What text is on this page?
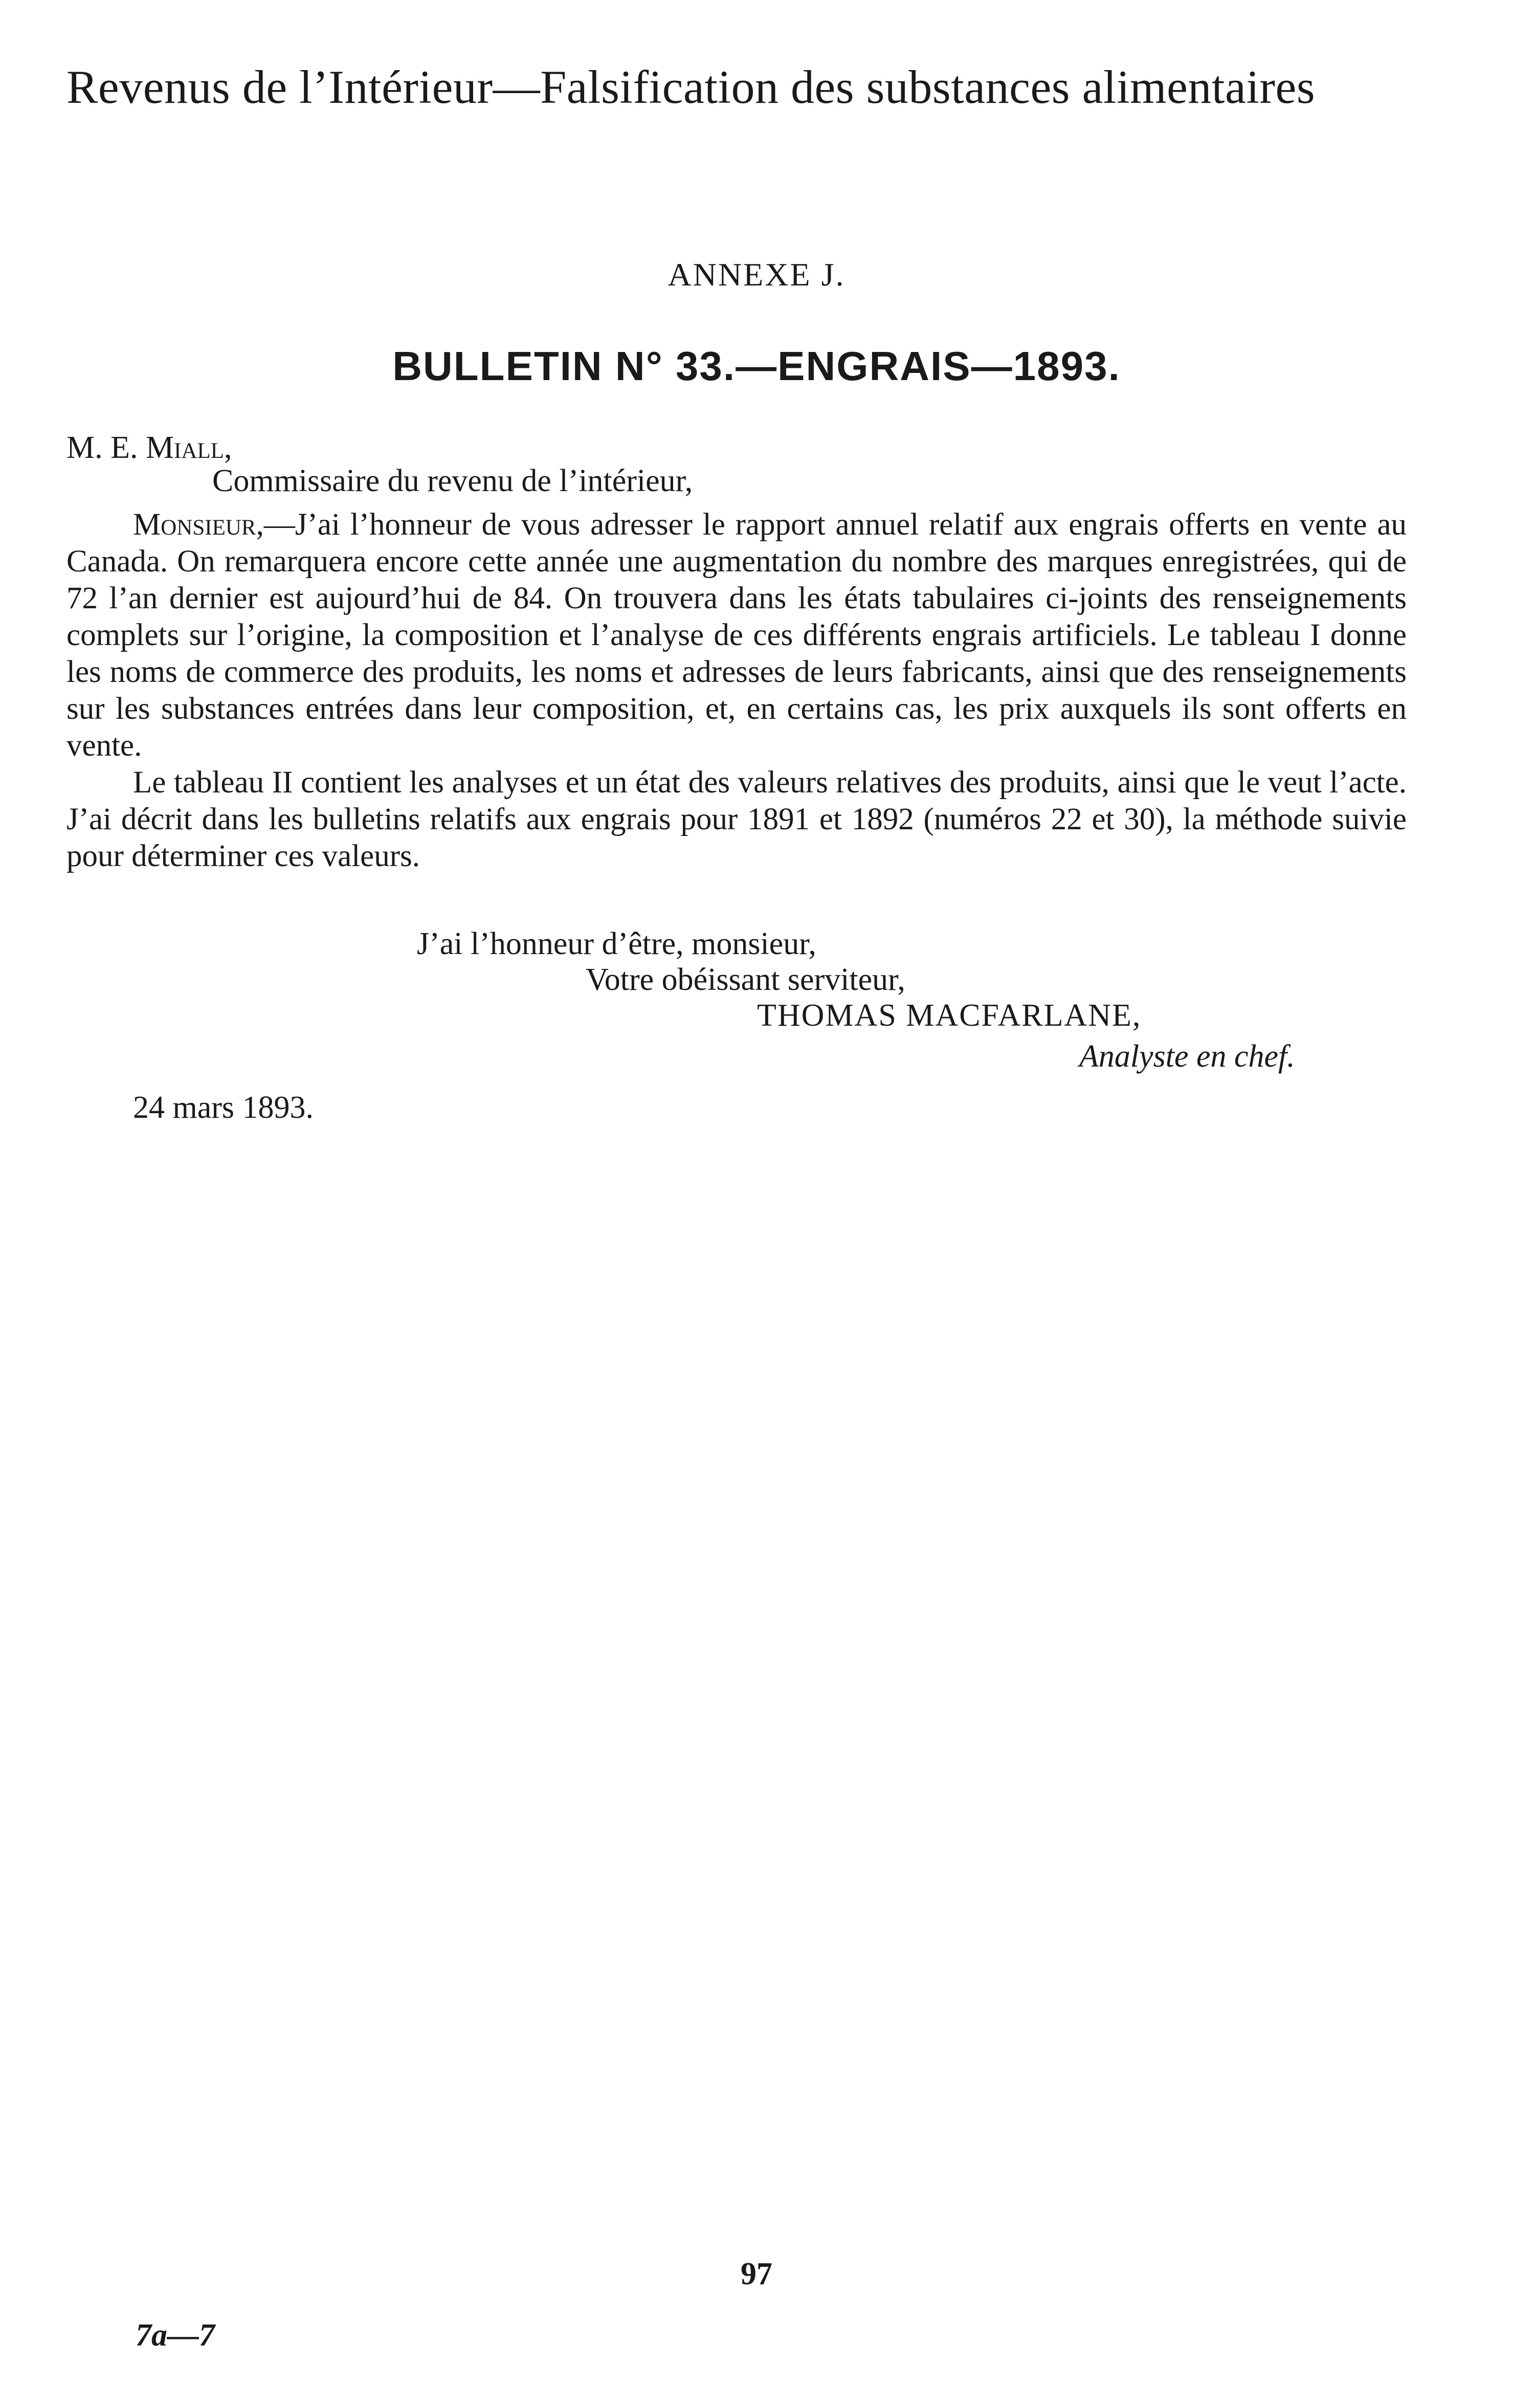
Revenus de l’Intérieur—Falsification des substances alimentaires
ANNEXE J.
BULLETIN N° 33.—ENGRAIS—1893.
M. E. Miall,
Commissaire du revenu de l’intérieur,

Monsieur,—J’ai l’honneur de vous adresser le rapport annuel relatif aux engrais offerts en vente au Canada. On remarquera encore cette année une augmentation du nombre des marques enregistrées, qui de 72 l’an dernier est aujourd’hui de 84. On trouvera dans les états tabulaires ci-joints des renseignements complets sur l’origine, la composition et l’analyse de ces différents engrais artificiels. Le tableau I donne les noms de commerce des produits, les noms et adresses de leurs fabricants, ainsi que des renseignements sur les substances entrées dans leur composition, et, en certains cas, les prix auxquels ils sont offerts en vente.

Le tableau II contient les analyses et un état des valeurs relatives des produits, ainsi que le veut l’acte. J’ai décrit dans les bulletins relatifs aux engrais pour 1891 et 1892 (numéros 22 et 30), la méthode suivie pour déterminer ces valeurs.

J’ai l’honneur d’être, monsieur,
Votre obéissant serviteur,
THOMAS MACFARLANE,
Analyste en chef.
24 mars 1893.
97
7a—7
